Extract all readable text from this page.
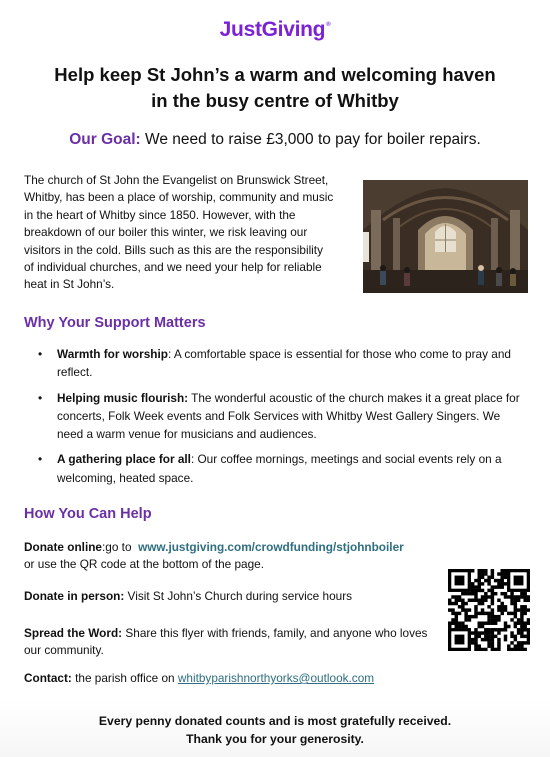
JustGiving®
Help keep St John’s a warm and welcoming haven
in the busy centre of Whitby
Our Goal: We need to raise £3,000 to pay for boiler repairs.
The church of St John the Evangelist on Brunswick Street, Whitby, has been a place of worship, community and music in the heart of Whitby since 1850. However, with the breakdown of our boiler this winter, we risk leaving our visitors in the cold. Bills such as this are the responsibility of individual churches, and we need your help for reliable heat in St John’s.
Why Your Support Matters
• Warmth for worship: A comfortable space is essential for those who come to pray and reflect.
• Helping music flourish: The wonderful acoustic of the church makes it a great place for concerts, Folk Week events and Folk Services with Whitby West Gallery Singers. We need a warm venue for musicians and audiences.
• A gathering place for all: Our coffee mornings, meetings and social events rely on a welcoming, heated space.
How You Can Help
Donate online:go to  www.justgiving.com/crowdfunding/stjohnboiler
or use the QR code at the bottom of the page.
Donate in person: Visit St John’s Church during service hours
Spread the Word: Share this flyer with friends, family, and anyone who loves our community.
Contact: the parish office on whitbyparishnorthyorks@outlook.com
Every penny donated counts and is most gratefully received.
Thank you for your generosity.
